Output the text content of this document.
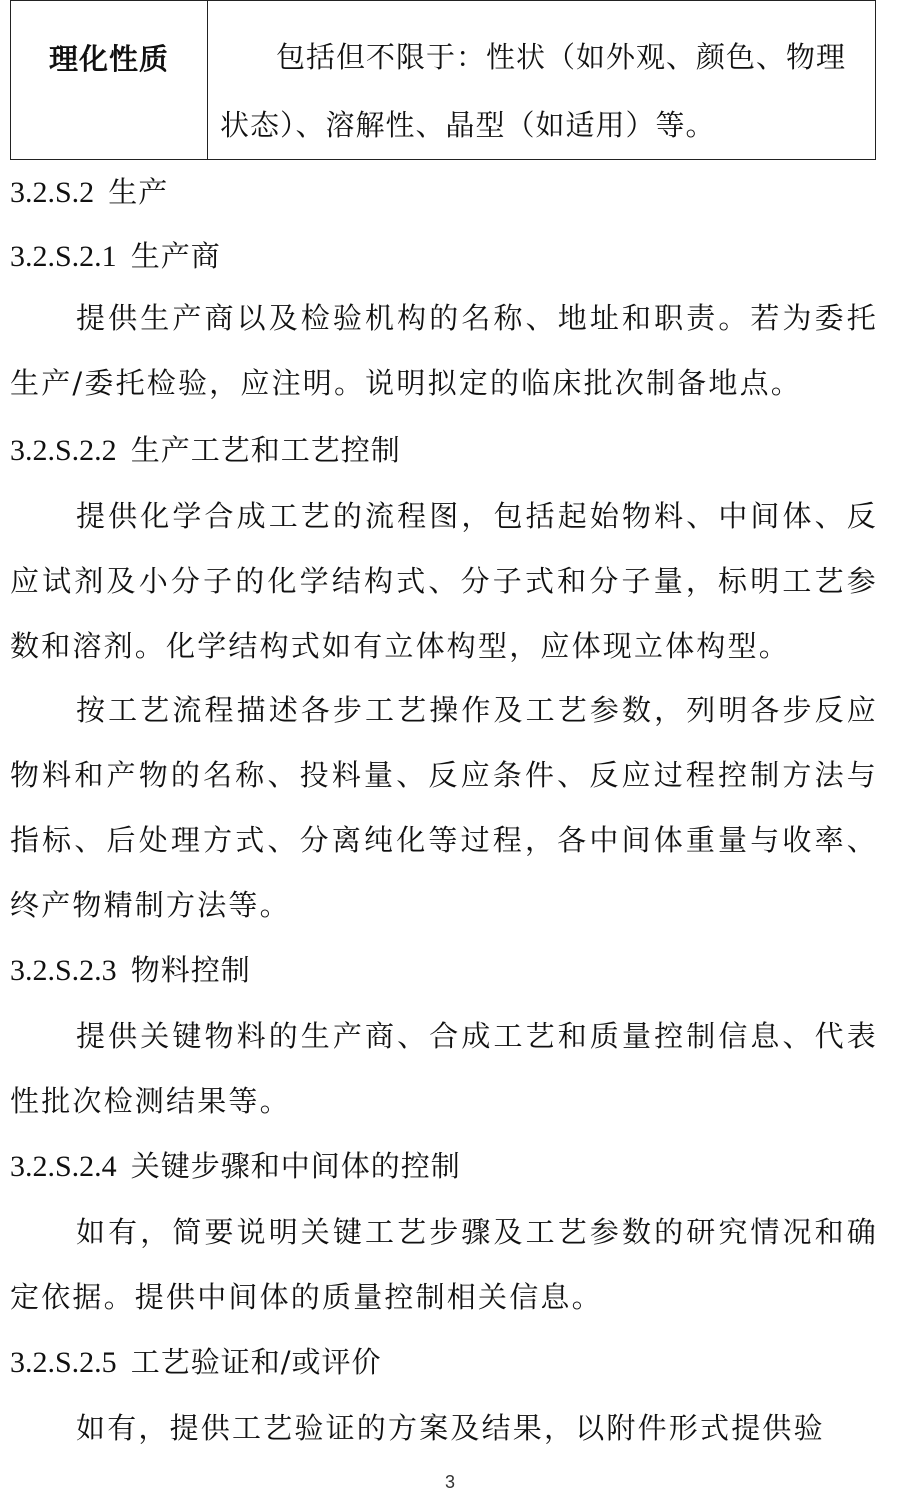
理化性质	包括但不限于：性状（如外观、颜色、物理状态）、溶解性、晶型（如适用）等。
3.2.S.2 生产
3.2.S.2.1 生产商

提供生产商以及检验机构的名称、地址和职责。若为委托生产/委托检验，应注明。说明拟定的临床批次制备地点。

3.2.S.2.2 生产工艺和工艺控制

提供化学合成工艺的流程图，包括起始物料、中间体、反应试剂及小分子的化学结构式、分子式和分子量，标明工艺参数和溶剂。化学结构式如有立体构型，应体现立体构型。

按工艺流程描述各步工艺操作及工艺参数，列明各步反应物料和产物的名称、投料量、反应条件、反应过程控制方法与指标、后处理方式、分离纯化等过程，各中间体重量与收率、终产物精制方法等。

3.2.S.2.3 物料控制

提供关键物料的生产商、合成工艺和质量控制信息、代表性批次检测结果等。

3.2.S.2.4 关键步骤和中间体的控制

如有，简要说明关键工艺步骤及工艺参数的研究情况和确定依据。提供中间体的质量控制相关信息。

3.2.S.2.5 工艺验证和/或评价

如有，提供工艺验证的方案及结果，以附件形式提供验

3
